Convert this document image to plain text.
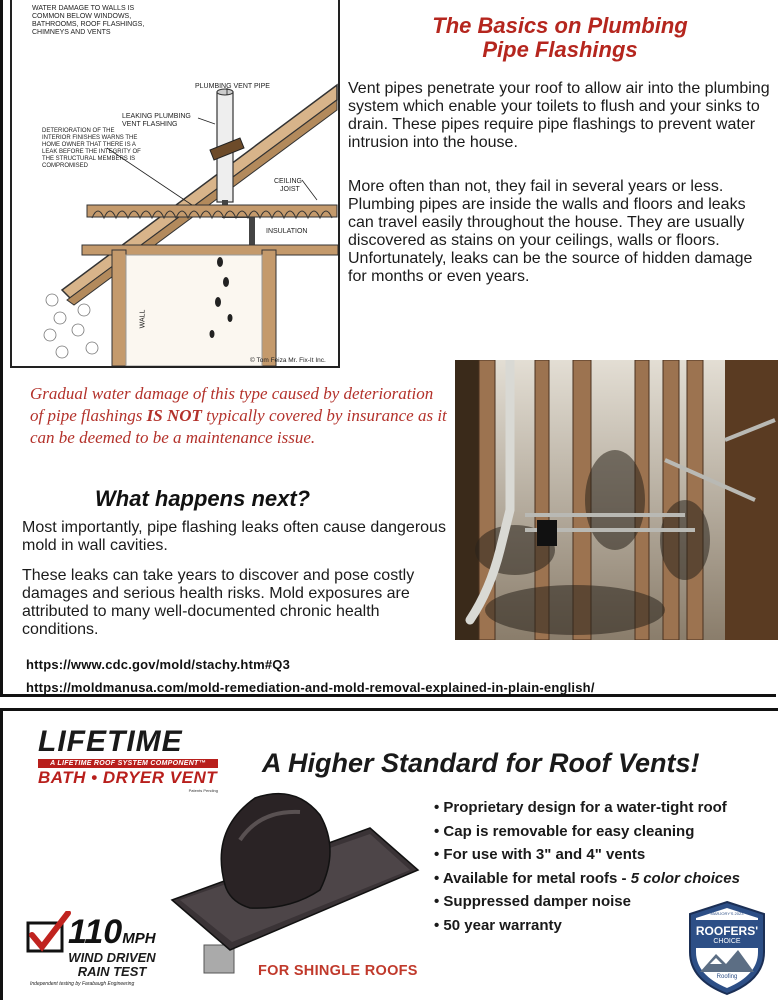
WATER DAMAGE TO WALLS IS COMMON BELOW WINDOWS, BATHROOMS, ROOF FLASHINGS, CHIMNEYS AND VENTS
PLUMBING VENT PIPE
LEAKING PLUMBING VENT FLASHING
DETERIORATION OF THE INTERIOR FINISHES WARNS THE HOME OWNER THAT THERE IS A LEAK BEFORE THE INTEGRITY OF THE STRUCTURAL MEMBERS IS COMPROMISED
CEILING
JOIST
INSULATION
WALL
© Tom Feiza Mr. Fix-It Inc.
The Basics on Plumbing
Pipe Flashings
Vent pipes penetrate your roof to allow air into the plumbing system which enable your toilets to flush and your sinks to drain. These pipes require pipe flashings to prevent water intrusion into the house.
More often than not, they fail in several years or less. Plumbing pipes are inside the walls and floors and leaks can travel easily throughout the house. They are usually discovered as stains on your ceilings, walls or floors. Unfortunately, leaks can be the source of hidden damage for months or even years.
Gradual water damage of this type caused by deterioration of pipe flashings IS NOT typically covered by insurance as it can be deemed to be a maintenance issue.
What happens next?
Most importantly, pipe flashing leaks often cause dangerous mold in wall cavities.
These leaks can take years to discover and pose costly damages and serious health risks. Mold exposures are attributed to many well-documented chronic health conditions.
https://www.cdc.gov/mold/stachy.htm#Q3
https://moldmanusa.com/mold-remediation-and-mold-removal-explained-in-plain-english/
LIFETIME
A LIFETIME ROOF SYSTEM COMPONENT™
BATH • DRYER VENT
Patents Pending
A Higher Standard for Roof Vents!
• Proprietary design for a water-tight roof
• Cap is removable for easy cleaning
• For use with 3" and 4" vents
• Available for metal roofs - 5 color choices
• Suppressed damper noise
• 50 year warranty
110MPH
WIND DRIVEN
RAIN TEST
Independent testing by Farabaugh Engineering
FOR SHINGLE ROOFS
MARJORY'S 2023
ROOFERS'
CHOICE
Roofing
